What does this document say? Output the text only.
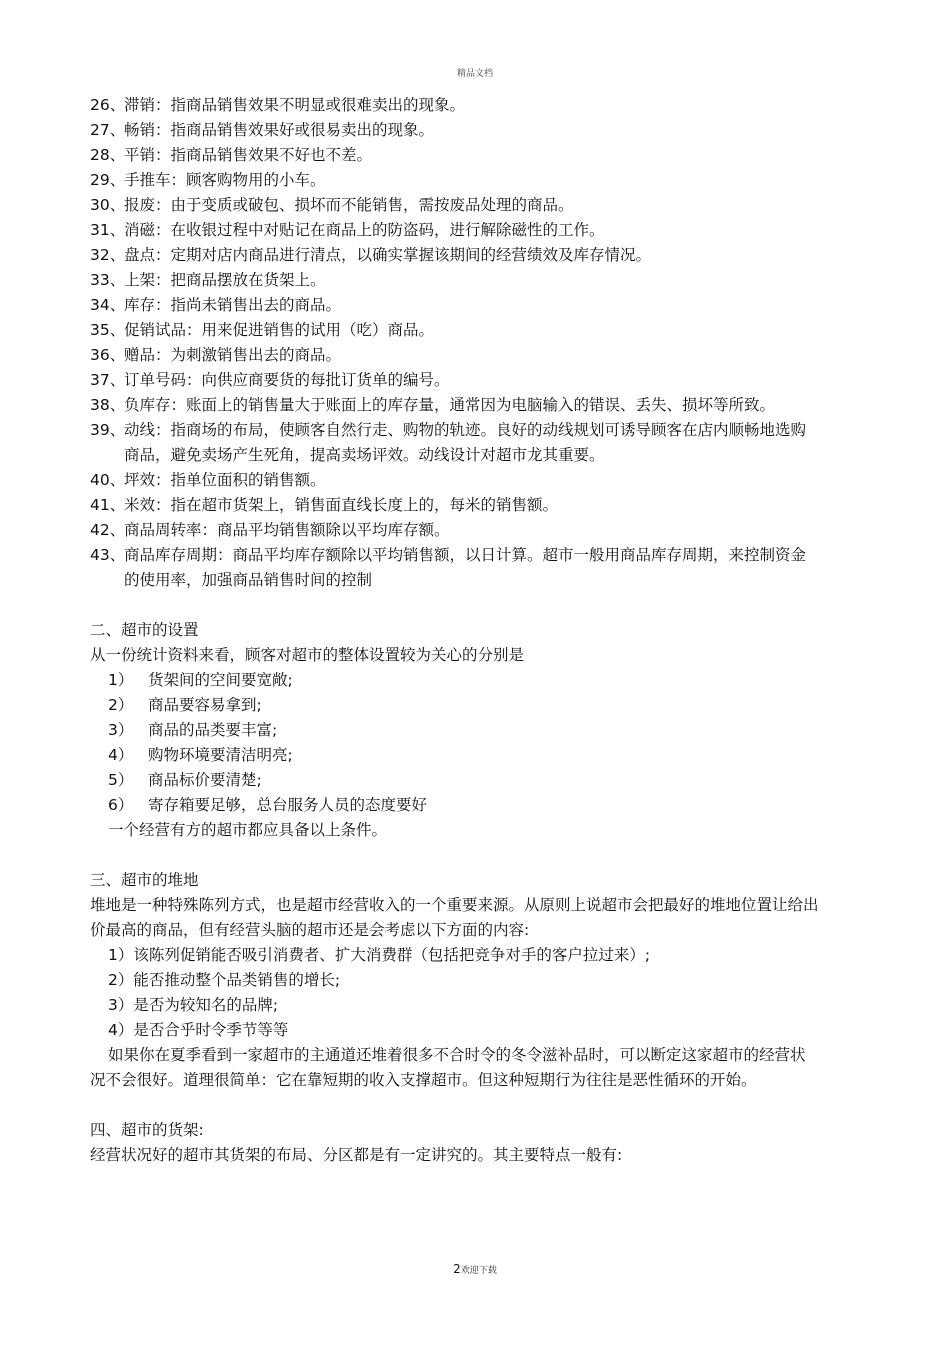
精品文档
26、
滞销：指商品销售效果不明显或很难卖出的现象。
27、
畅销：指商品销售效果好或很易卖出的现象。
28、
平销：指商品销售效果不好也不差。
29、
手推车：顾客购物用的小车。
30、
报废：由于变质或破包、损坏而不能销售，需按废品处理的商品。
31、
消磁：在收银过程中对贴记在商品上的防盗码，进行解除磁性的工作。
32、
盘点：定期对店内商品进行清点，以确实掌握该期间的经营绩效及库存情况。
33、
上架：把商品摆放在货架上。
34、
库存：指尚未销售出去的商品。
35、
促销试品：用来促进销售的试用（吃）商品。
36、
赠品：为刺激销售出去的商品。
37、
订单号码：向供应商要货的每批订货单的编号。
38、
负库存：账面上的销售量大于账面上的库存量，通常因为电脑输入的错误、丢失、损坏等所致。
39、
动线：指商场的布局，使顾客自然行走、购物的轨迹。良好的动线规划可诱导顾客在店内顺畅地选购商品，避免卖场产生死角，提高卖场评效。动线设计对超市龙其重要。
40、
坪效：指单位面积的销售额。
41、
米效：指在超市货架上，销售面直线长度上的，每米的销售额。
42、
商品周转率：商品平均销售额除以平均库存额。
43、
商品库存周期：商品平均库存额除以平均销售额，以日计算。超市一般用商品库存周期，来控制资金的使用率，加强商品销售时间的控制
二、超市的设置
从一份统计资料来看，顾客对超市的整体设置较为关心的分别是
1） 货架间的空间要宽敞;
2） 商品要容易拿到;
3） 商品的品类要丰富;
4） 购物环境要清洁明亮;
5） 商品标价要清楚;
6） 寄存箱要足够，总台服务人员的态度要好
一个经营有方的超市都应具备以上条件。
三、超市的堆地
堆地是一种特殊陈列方式，也是超市经营收入的一个重要来源。从原则上说超市会把最好的堆地位置让给出价最高的商品，但有经营头脑的超市还是会考虑以下方面的内容:
1）该陈列促销能否吸引消费者、扩大消费群（包括把竞争对手的客户拉过来）;
2）能否推动整个品类销售的增长;
3）是否为较知名的品牌;
4）是否合乎时令季节等等
如果你在夏季看到一家超市的主通道还堆着很多不合时令的冬令滋补品时，可以断定这家超市的经营状况不会很好。道理很简单：它在靠短期的收入支撑超市。但这种短期行为往往是恶性循环的开始。
四、超市的货架:
经营状况好的超市其货架的布局、分区都是有一定讲究的。其主要特点一般有:
2欢迎下载
